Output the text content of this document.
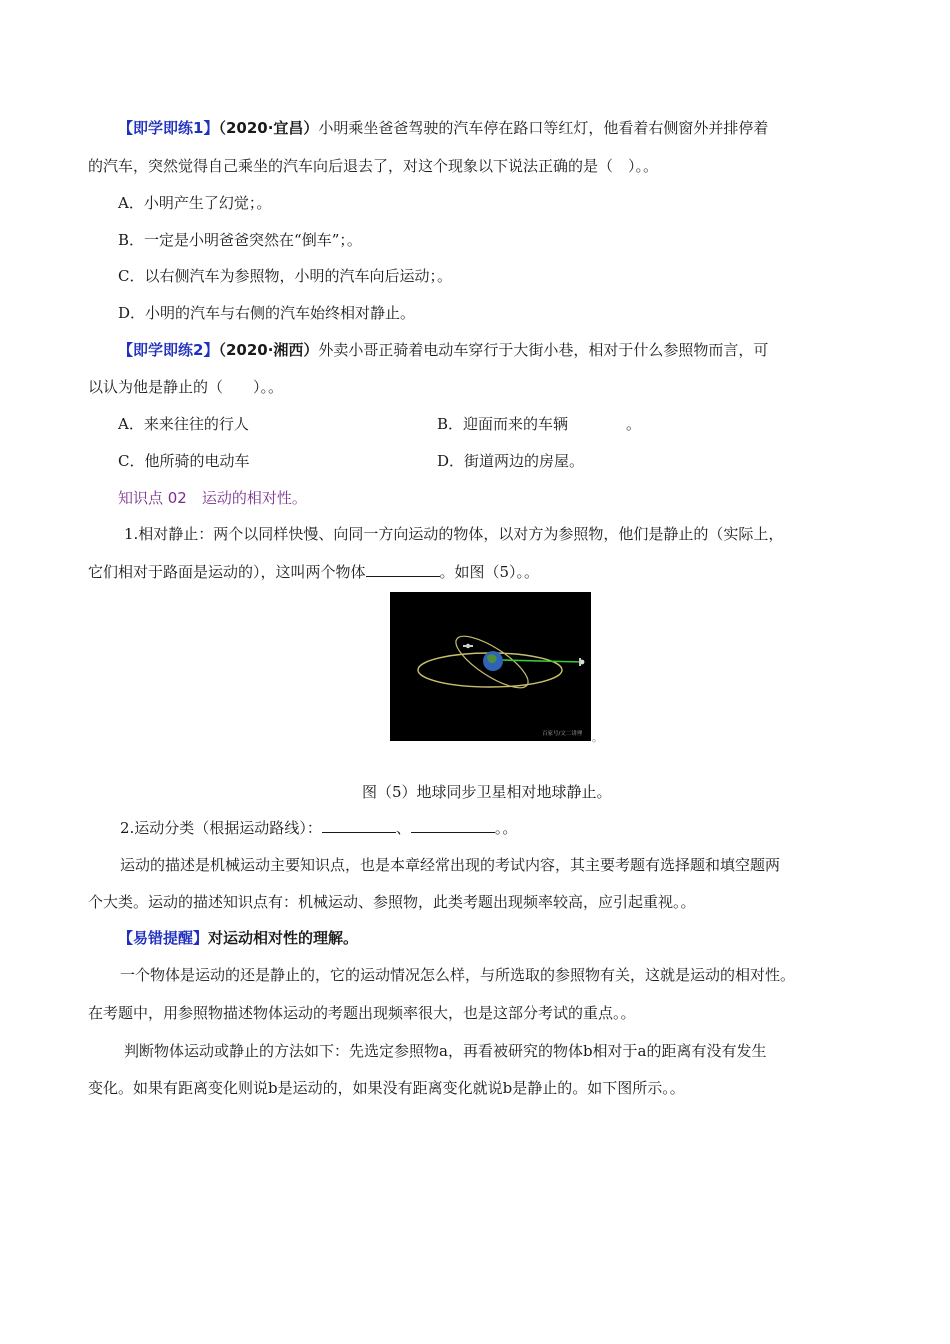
【即学即练1】（2020·宜昌）小明乘坐爸爸驾驶的汽车停在路口等红灯，他看着右侧窗外并排停着
的汽车，突然觉得自己乘坐的汽车向后退去了，对这个现象以下说法正确的是（　）。。
A．小明产生了幻觉；。
B．一定是小明爸爸突然在“倒车”；。
C．以右侧汽车为参照物，小明的汽车向后运动；。
D．小明的汽车与右侧的汽车始终相对静止。
【即学即练2】（2020·湘西）外卖小哥正骑着电动车穿行于大街小巷，相对于什么参照物而言，可
以认为他是静止的（　　）。。
A．来来往往的行人	B．迎面而来的车辆	。
C．他所骑的电动车	D．街道两边的房屋。
知识点 02　运动的相对性。
1.相对静止：两个以同样快慢、向同一方向运动的物体，以对方为参照物，他们是静止的（实际上，
它们相对于路面是运动的），这叫两个物体	。如图（5）。。
百家号/文二讲理 。
图（5）地球同步卫星相对地球静止。
2.运动分类（根据运动路线）：	、	。。
运动的描述是机械运动主要知识点，也是本章经常出现的考试内容，其主要考题有选择题和填空题两
个大类。运动的描述知识点有：机械运动、参照物，此类考题出现频率较高，应引起重视。。
【易错提醒】对运动相对性的理解。
一个物体是运动的还是静止的，它的运动情况怎么样，与所选取的参照物有关，这就是运动的相对性。
在考题中，用参照物描述物体运动的考题出现频率很大，也是这部分考试的重点。。
判断物体运动或静止的方法如下：先选定参照物a，再看被研究的物体b相对于a的距离有没有发生
变化。如果有距离变化则说b是运动的，如果没有距离变化就说b是静止的。如下图所示。。
